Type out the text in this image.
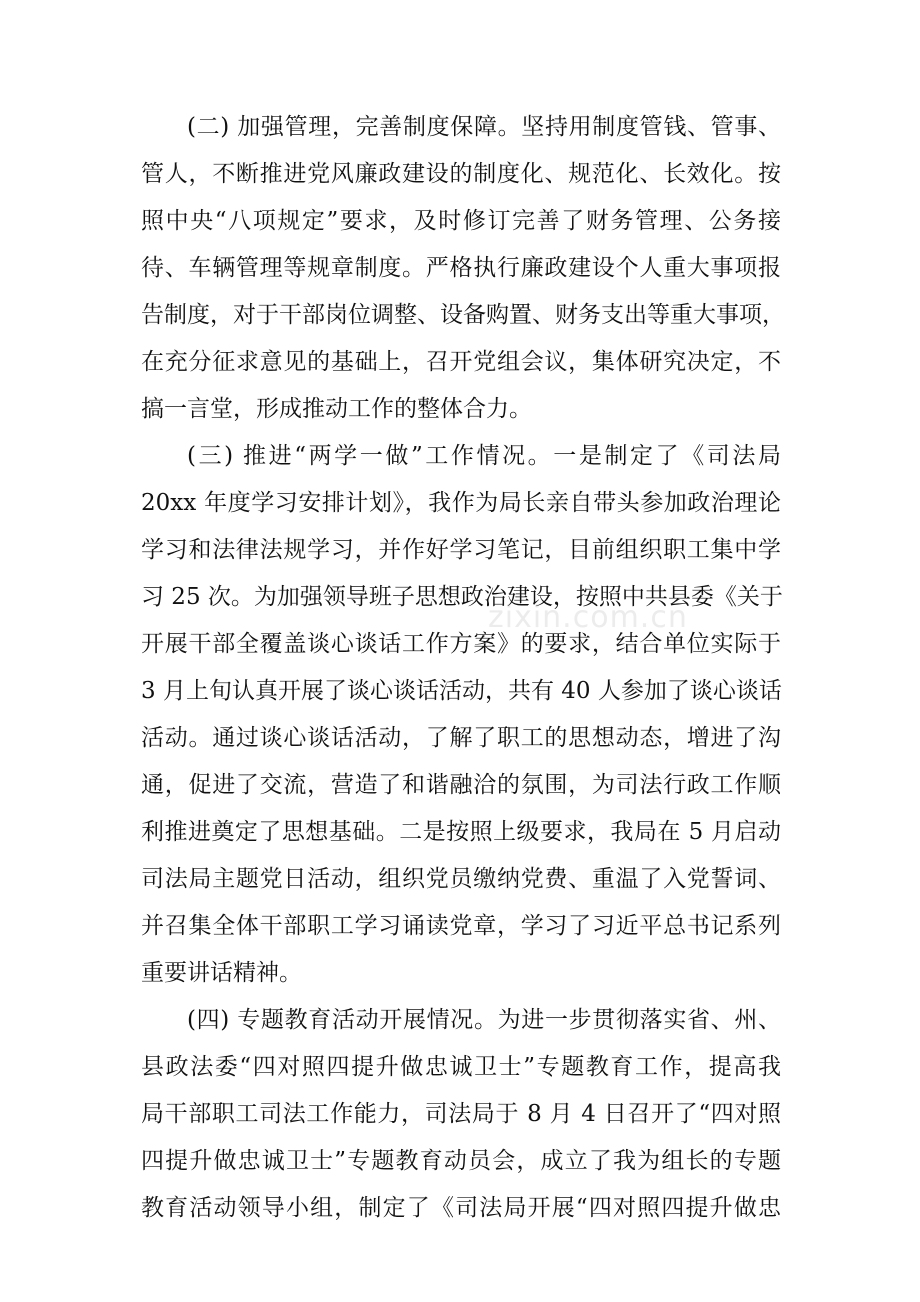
(二) 加强管理，完善制度保障。坚持用制度管钱、管事、
管人，不断推进党风廉政建设的制度化、规范化、长效化。按
照中央“八项规定”要求，及时修订完善了财务管理、公务接
待、车辆管理等规章制度。严格执行廉政建设个人重大事项报
告制度，对于干部岗位调整、设备购置、财务支出等重大事项，
在充分征求意见的基础上，召开党组会议，集体研究决定，不
搞一言堂，形成推动工作的整体合力。
(三) 推进“两学一做”工作情况。一是制定了《司法局
20xx 年度学习安排计划》，我作为局长亲自带头参加政治理论
学习和法律法规学习，并作好学习笔记，目前组织职工集中学
习 25 次。为加强领导班子思想政治建设，按照中共县委《关于
开展干部全覆盖谈心谈话工作方案》的要求，结合单位实际于
3 月上旬认真开展了谈心谈话活动，共有 40 人参加了谈心谈话
活动。通过谈心谈话活动，了解了职工的思想动态，增进了沟
通，促进了交流，营造了和谐融洽的氛围，为司法行政工作顺
利推进奠定了思想基础。二是按照上级要求，我局在 5 月启动
司法局主题党日活动，组织党员缴纳党费、重温了入党誓词、
并召集全体干部职工学习诵读党章，学习了习近平总书记系列
重要讲话精神。
(四) 专题教育活动开展情况。为进一步贯彻落实省、州、
县政法委“四对照四提升做忠诚卫士”专题教育工作，提高我
局干部职工司法工作能力，司法局于 8 月 4 日召开了“四对照
四提升做忠诚卫士”专题教育动员会，成立了我为组长的专题
教育活动领导小组，制定了《司法局开展“四对照四提升做忠
zixin.com.cn
